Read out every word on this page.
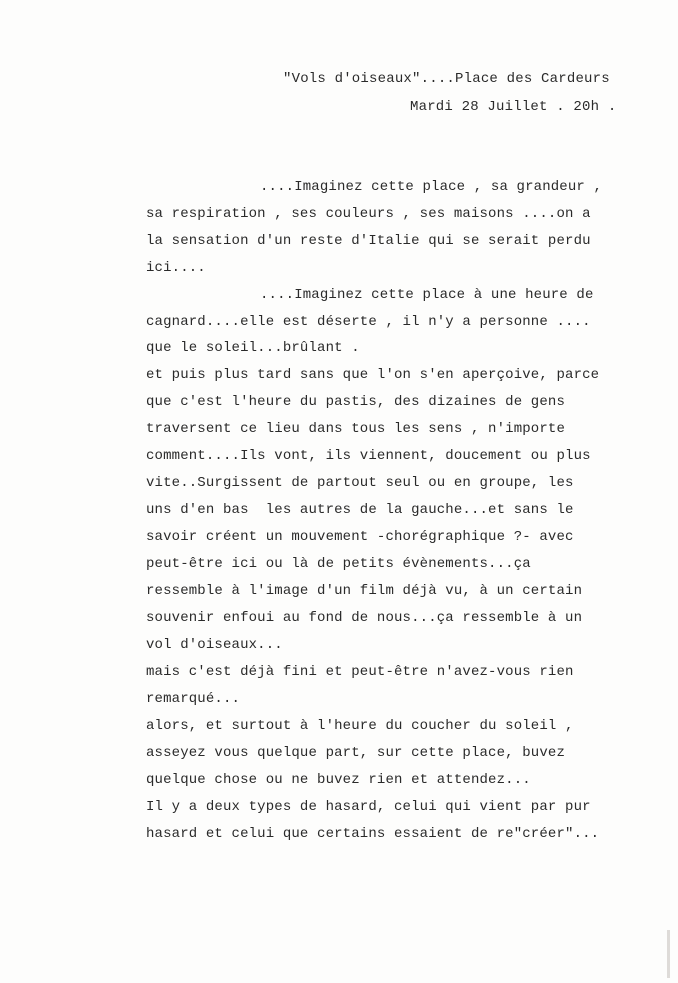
"Vols d'oiseaux"....Place des Cardeurs
Mardi 28 Juillet . 20h .
....Imaginez cette place , sa grandeur ,
sa respiration , ses couleurs , ses maisons ....on a
la sensation d'un reste d'Italie qui se serait perdu
ici....
....Imaginez cette place à une heure de
cagnard....elle est déserte , il n'y a personne ....
que le soleil...brûlant .
et puis plus tard sans que l'on s'en aperçoive, parce
que c'est l'heure du pastis, des dizaines de gens
traversent ce lieu dans tous les sens , n'importe
comment....Ils vont, ils viennent, doucement ou plus
vite..Surgissent de partout seul ou en groupe, les
uns d'en bas  les autres de la gauche...et sans le
savoir créent un mouvement -chorégraphique ?- avec
peut-être ici ou là de petits évènements...ça
ressemble à l'image d'un film déjà vu, à un certain
souvenir enfoui au fond de nous...ça ressemble à un
vol d'oiseaux...
mais c'est déjà fini et peut-être n'avez-vous rien
remarqué...
alors, et surtout à l'heure du coucher du soleil ,
asseyez vous quelque part, sur cette place, buvez
quelque chose ou ne buvez rien et attendez...
Il y a deux types de hasard, celui qui vient par pur
hasard et celui que certains essaient de re"créer"...
